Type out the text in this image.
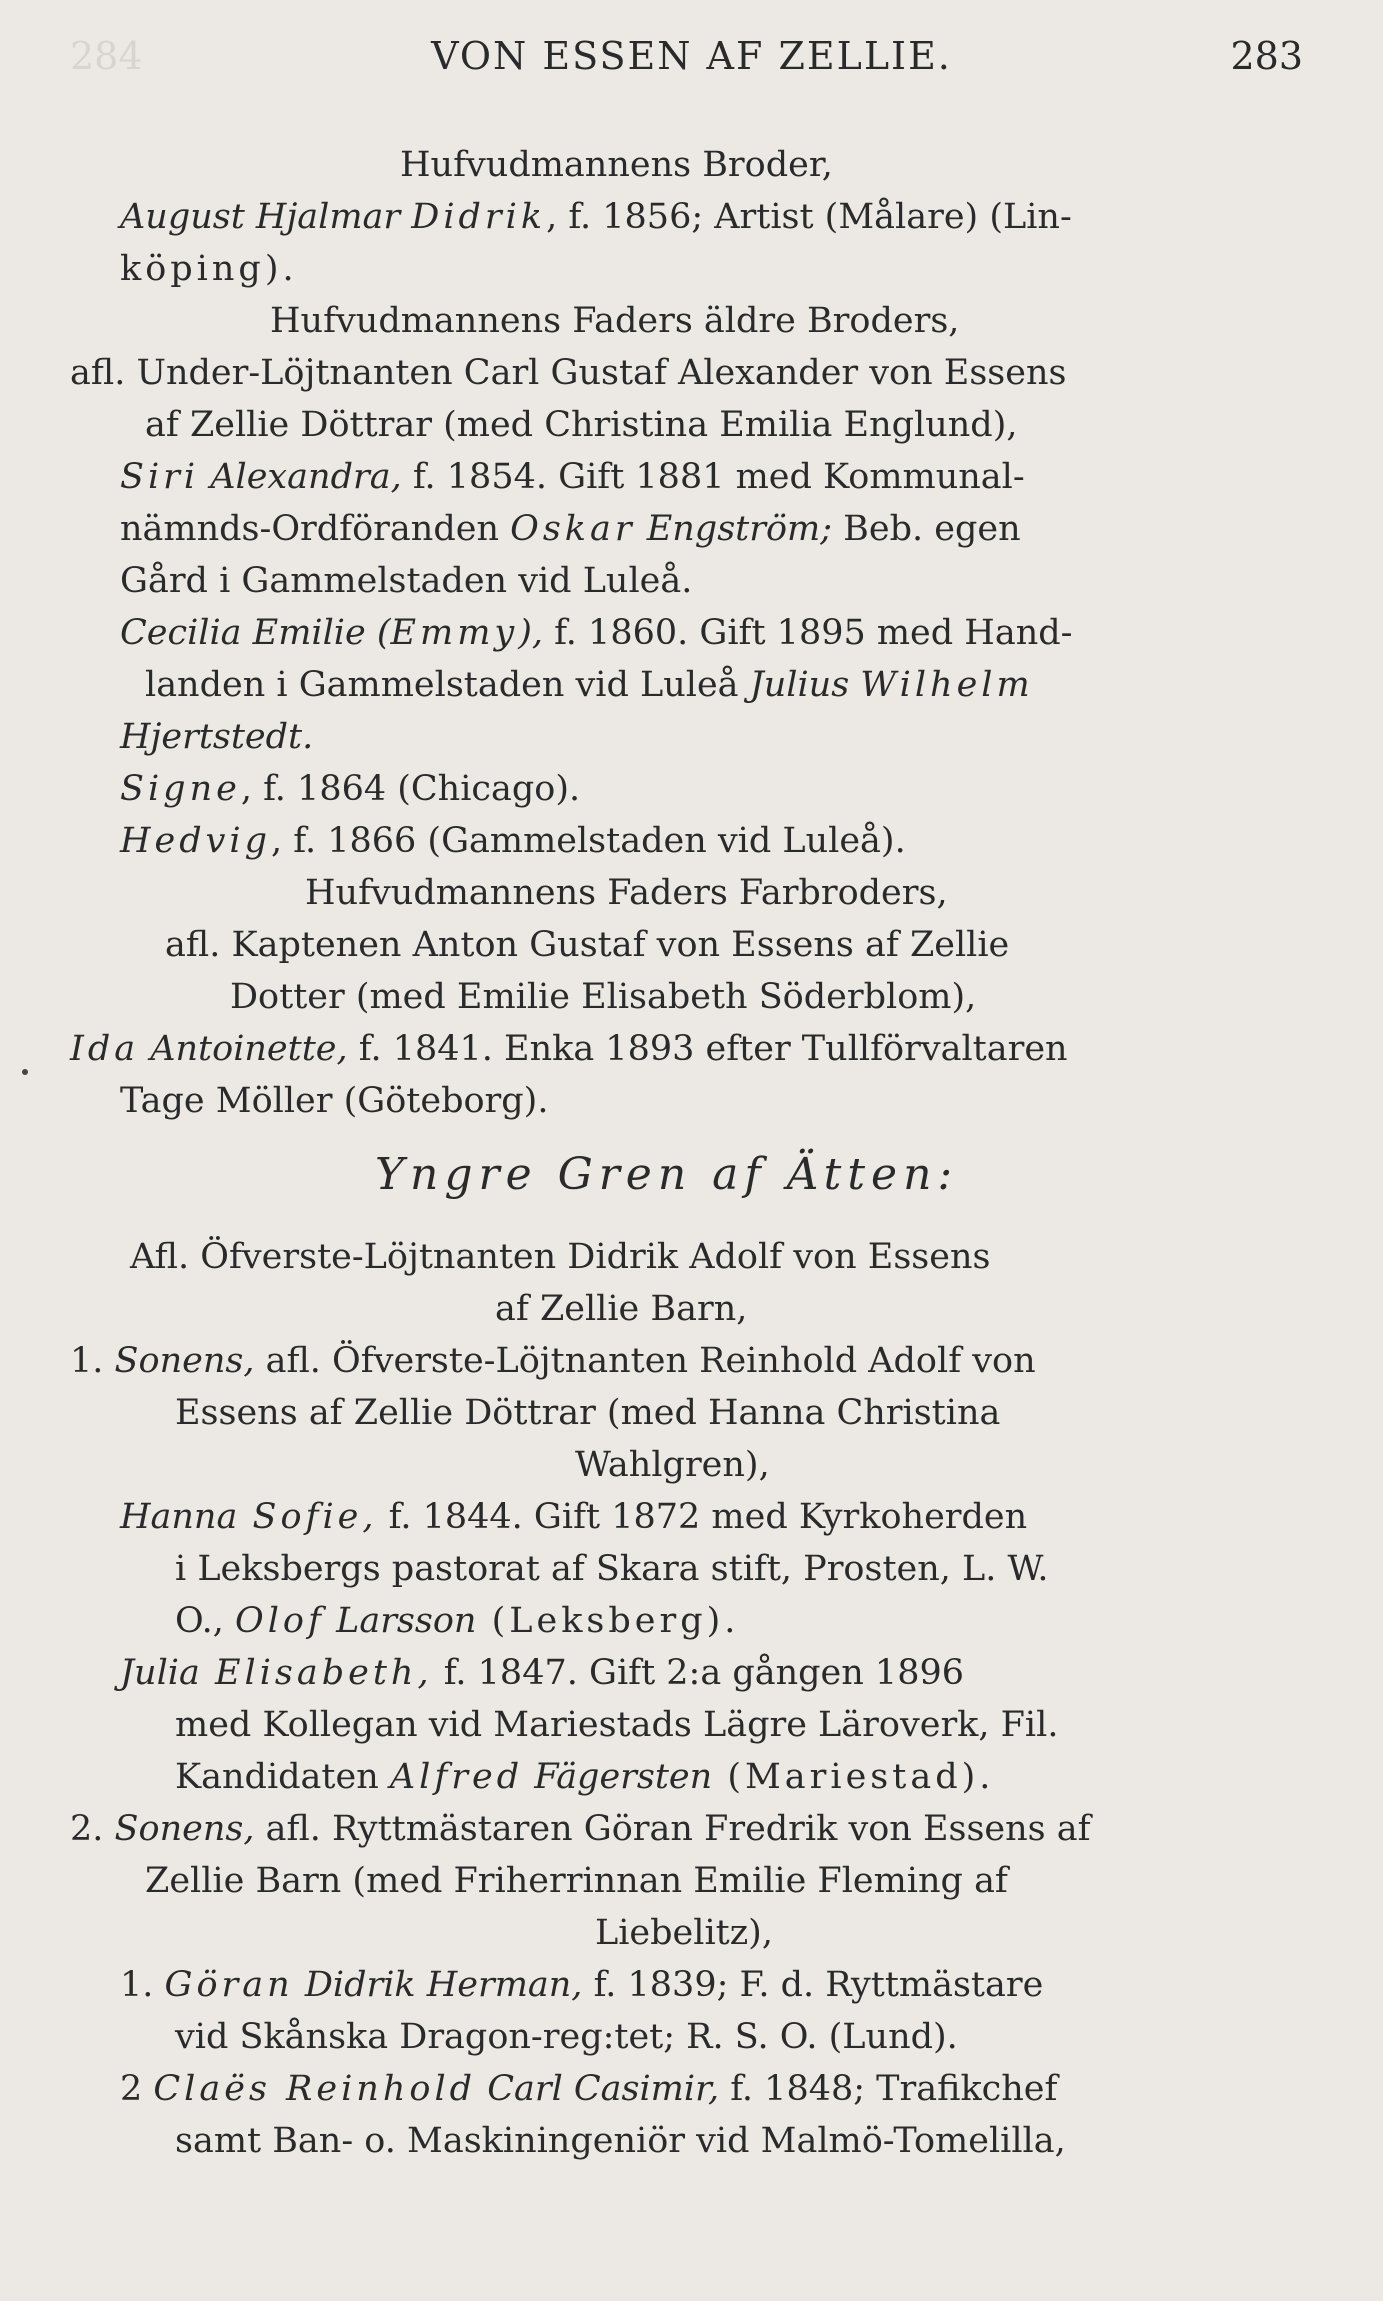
284	VON ESSEN AF ZELLIE.	283
Hufvudmannens Broder,
August Hjalmar Didrik, f. 1856; Artist (Målare) (Lin-
köping).
Hufvudmannens Faders äldre Broders,
afl. Under-Löjtnanten Carl Gustaf Alexander von Essens
af Zellie Döttrar (med Christina Emilia Englund),
Siri Alexandra, f. 1854. Gift 1881 med Kommunal-
nämnds-Ordföranden Oskar Engström; Beb. egen
Gård i Gammelstaden vid Luleå.
Cecilia Emilie (Emmy), f. 1860. Gift 1895 med Hand-
landen i Gammelstaden vid Luleå Julius Wilhelm
Hjertstedt.
Signe, f. 1864 (Chicago).
Hedvig, f. 1866 (Gammelstaden vid Luleå).
Hufvudmannens Faders Farbroders,
afl. Kaptenen Anton Gustaf von Essens af Zellie
Dotter (med Emilie Elisabeth Söderblom),
Ida Antoinette, f. 1841. Enka 1893 efter Tullförvaltaren
Tage Möller (Göteborg).
Yngre Gren af Ätten:
Afl. Öfverste-Löjtnanten Didrik Adolf von Essens
af Zellie Barn,
1. Sonens, afl. Öfverste-Löjtnanten Reinhold Adolf von
Essens af Zellie Döttrar (med Hanna Christina
Wahlgren),
Hanna Sofie, f. 1844. Gift 1872 med Kyrkoherden
i Leksbergs pastorat af Skara stift, Prosten, L. W.
O., Olof Larsson (Leksberg).
Julia Elisabeth, f. 1847. Gift 2:a gången 1896
med Kollegan vid Mariestads Lägre Läroverk, Fil.
Kandidaten Alfred Fägersten (Mariestad).
2. Sonens, afl. Ryttmästaren Göran Fredrik von Essens af
Zellie Barn (med Friherrinnan Emilie Fleming af
Liebelitz),
1. Göran Didrik Herman, f. 1839; F. d. Ryttmästare
vid Skånska Dragon-reg:tet; R. S. O. (Lund).
2 Claës Reinhold Carl Casimir, f. 1848; Trafikchef
samt Ban- o. Maskiningeniör vid Malmö-Tomelilla,
